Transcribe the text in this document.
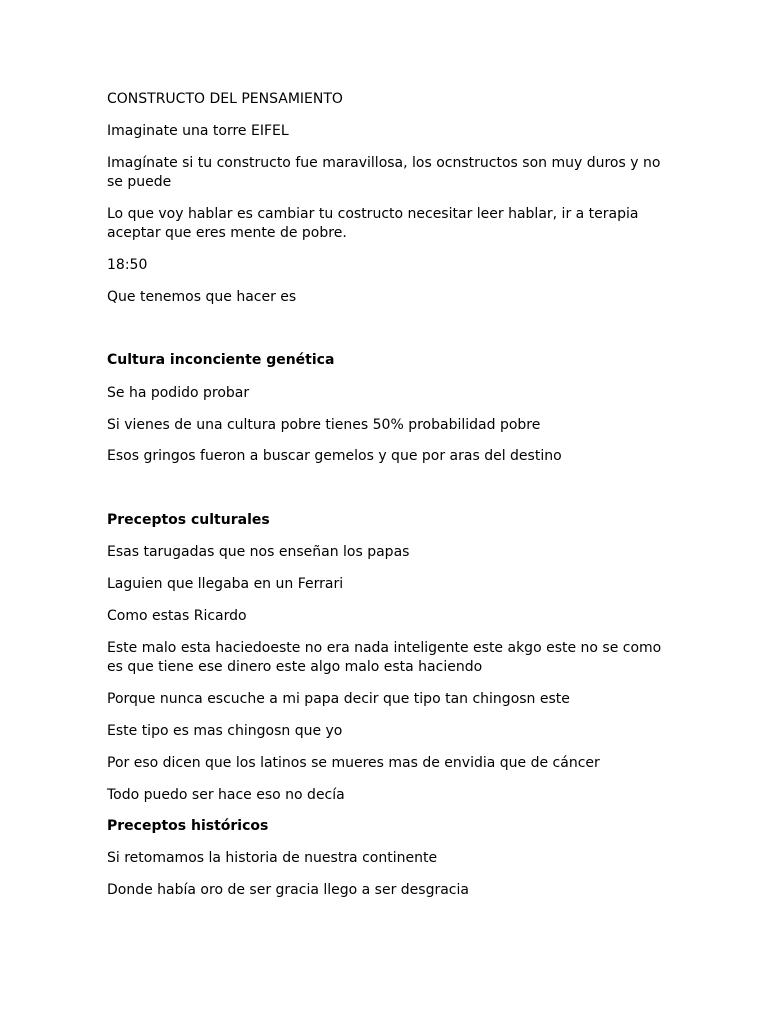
CONSTRUCTO DEL PENSAMIENTO
Imaginate una torre EIFEL
Imagínate si tu constructo fue maravillosa, los ocnstructos son muy duros y no se puede
Lo que voy hablar es cambiar tu costructo necesitar leer hablar, ir a terapia aceptar que eres mente de pobre.
18:50
Que tenemos que hacer es
Cultura inconciente genética
Se ha podido probar
Si vienes de una cultura pobre tienes 50% probabilidad pobre
Esos gringos fueron a buscar gemelos y que por aras del destino
Preceptos culturales
Esas tarugadas que nos enseñan los papas
Laguien que llegaba en un Ferrari
Como estas Ricardo
Este malo esta haciedoeste no era nada inteligente este akgo este no se como es que tiene ese dinero este algo malo esta haciendo
Porque nunca escuche a mi papa decir que tipo tan chingosn este
Este tipo es mas chingosn que yo
Por eso dicen que los latinos se mueres mas de envidia que de cáncer
Todo puedo ser hace eso no decía
Preceptos históricos
Si retomamos la historia de nuestra continente
Donde había oro de ser gracia llego a ser desgracia
